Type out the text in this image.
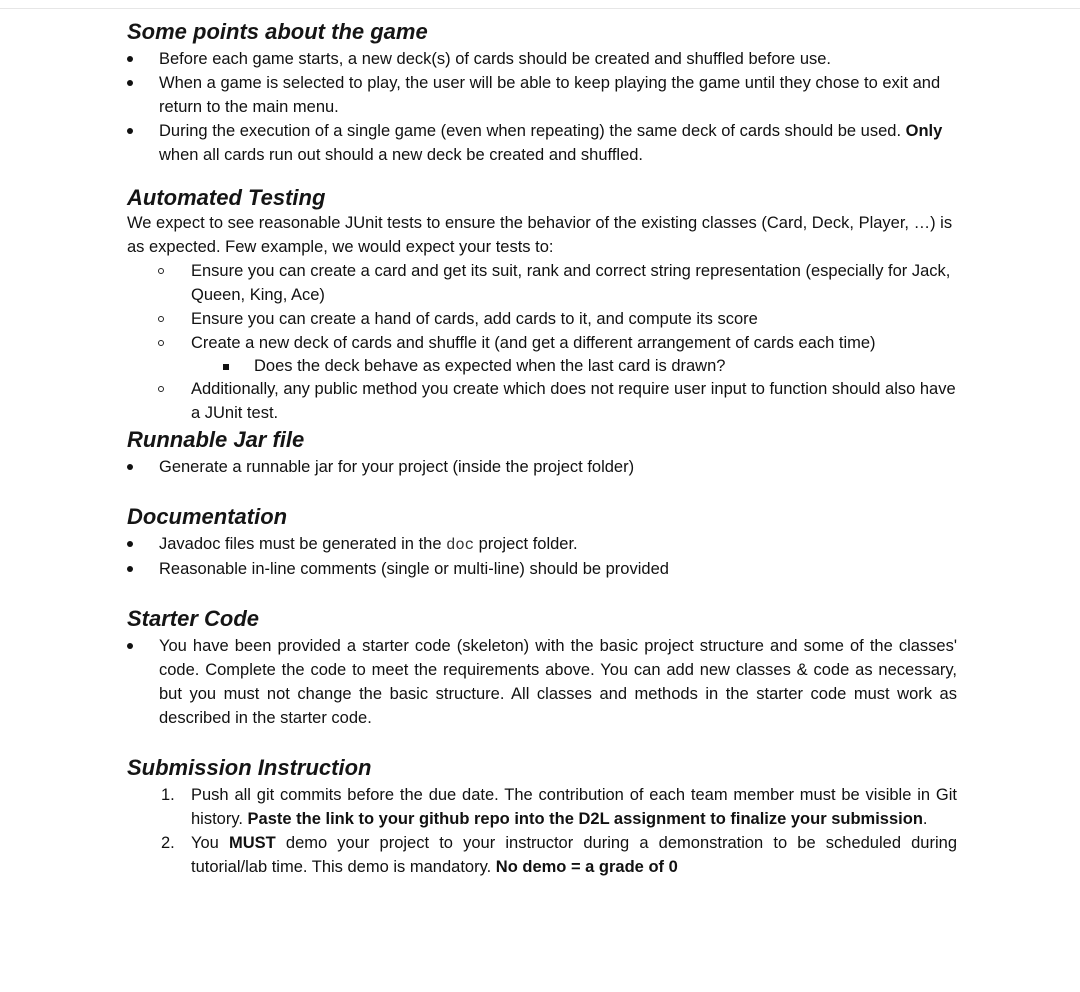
Some points about the game
Before each game starts, a new deck(s) of cards should be created and shuffled before use.
When a game is selected to play, the user will be able to keep playing the game until they chose to exit and return to the main menu.
During the execution of a single game (even when repeating) the same deck of cards should be used. Only when all cards run out should a new deck be created and shuffled.
Automated Testing

We expect to see reasonable JUnit tests to ensure the behavior of the existing classes (Card, Deck, Player, …) is as expected. Few example, we would expect your tests to:

Ensure you can create a card and get its suit, rank and correct string representation (especially for Jack, Queen, King, Ace)
Ensure you can create a hand of cards, add cards to it, and compute its score
Create a new deck of cards and shuffle it (and get a different arrangement of cards each time)
Does the deck behave as expected when the last card is drawn?
Additionally, any public method you create which does not require user input to function should also have a JUnit test.
Runnable Jar file
Generate a runnable jar for your project (inside the project folder)
Documentation
Javadoc files must be generated in the doc project folder.
Reasonable in-line comments (single or multi-line) should be provided
Starter Code
You have been provided a starter code (skeleton) with the basic project structure and some of the classes' code. Complete the code to meet the requirements above. You can add new classes & code as necessary, but you must not change the basic structure. All classes and methods in the starter code must work as described in the starter code.
Submission Instruction
1. Push all git commits before the due date. The contribution of each team member must be visible in Git history. Paste the link to your github repo into the D2L assignment to finalize your submission.
2. You MUST demo your project to your instructor during a demonstration to be scheduled during tutorial/lab time. This demo is mandatory. No demo = a grade of 0
